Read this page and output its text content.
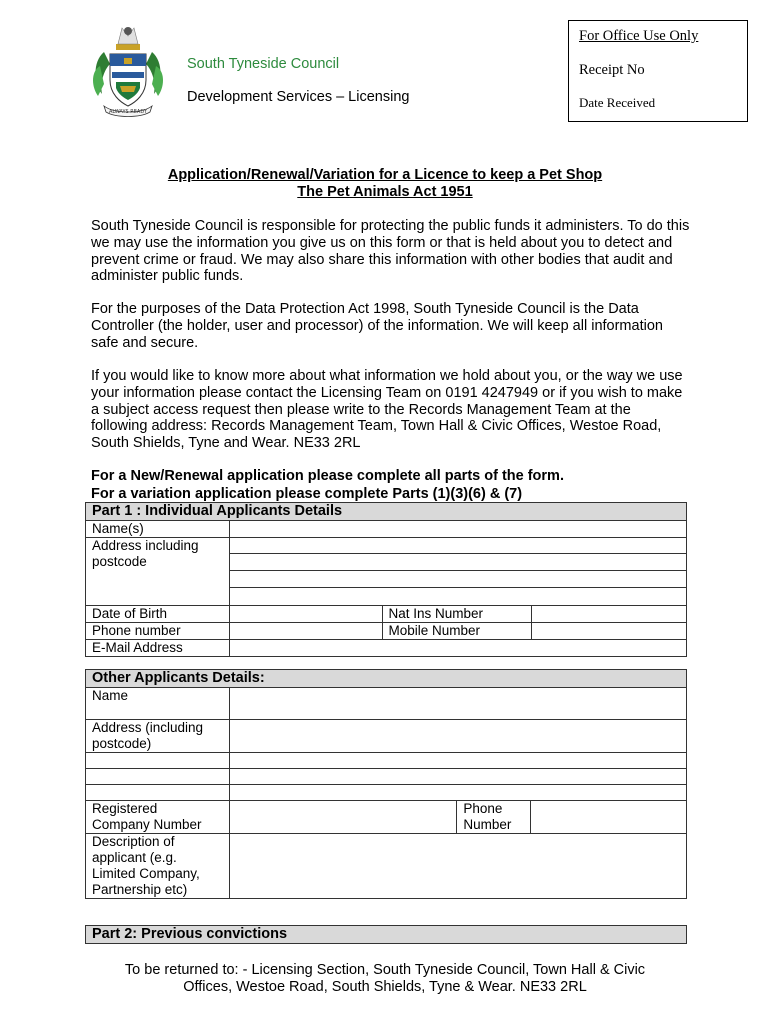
ALWAYS READY
South Tyneside Council
Development Services – Licensing
For Office Use Only
Receipt No
Date Received
Application/Renewal/Variation for a Licence to keep a Pet Shop
The Pet Animals Act 1951
South Tyneside Council is responsible for protecting the public funds it administers. To do this we may use the information you give us on this form or that is held about you to detect and prevent crime or fraud. We may also share this information with other bodies that audit and administer public funds.
For the purposes of the Data Protection Act 1998, South Tyneside Council is the Data Controller (the holder, user and processor) of the information. We will keep all information safe and secure.
If you would like to know more about what information we hold about you, or the way we use your information please contact the Licensing Team on 0191 4247949 or if you wish to make a subject access request then please write to the Records Management Team at the following address: Records Management Team, Town Hall & Civic Offices, Westoe Road, South Shields, Tyne and Wear. NE33 2RL
For a New/Renewal application please complete all parts of the form.
For a variation application please complete Parts (1)(3)(6) & (7)
Part 1 : Individual Applicants Details			
Name(s)			
Address including
postcode			

Date of Birth		Nat Ins Number	
Phone number		Mobile Number	
E-Mail Address			
Other Applicants Details:			
Name			
Address (including
postcode)			

Registered
Company Number		Phone
Number	
Description of
applicant (e.g.
Limited Company,
Partnership etc)			
Part 2: Previous convictions
To be returned to: - Licensing Section, South Tyneside Council, Town Hall & Civic
Offices, Westoe Road, South Shields, Tyne & Wear. NE33 2RL
